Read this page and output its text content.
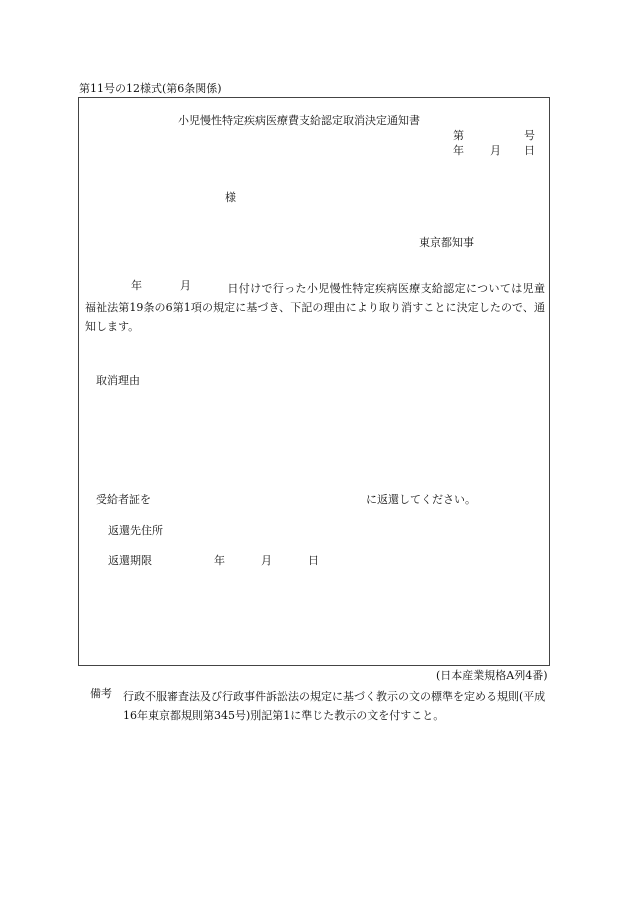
第11号の12様式(第6条関係)
小児慢性特定疾病医療費支給認定取消決定通知書
第	号
年 月 日
様
東京都知事
年	月	日付けで行った小児慢性特定疾病医療支給認定については児童福祉法第19条の6第1項の規定に基づき、下記の理由により取り消すことに決定したので、通知します。
取消理由
受給者証を	に返還してください。
返還先住所
返還期限	年	月	日
(日本産業規格A列4番)
備考 行政不服審査法及び行政事件訴訟法の規定に基づく教示の文の標準を定める規則(平成16年東京都規則第345号)別記第1に準じた教示の文を付すこと。
